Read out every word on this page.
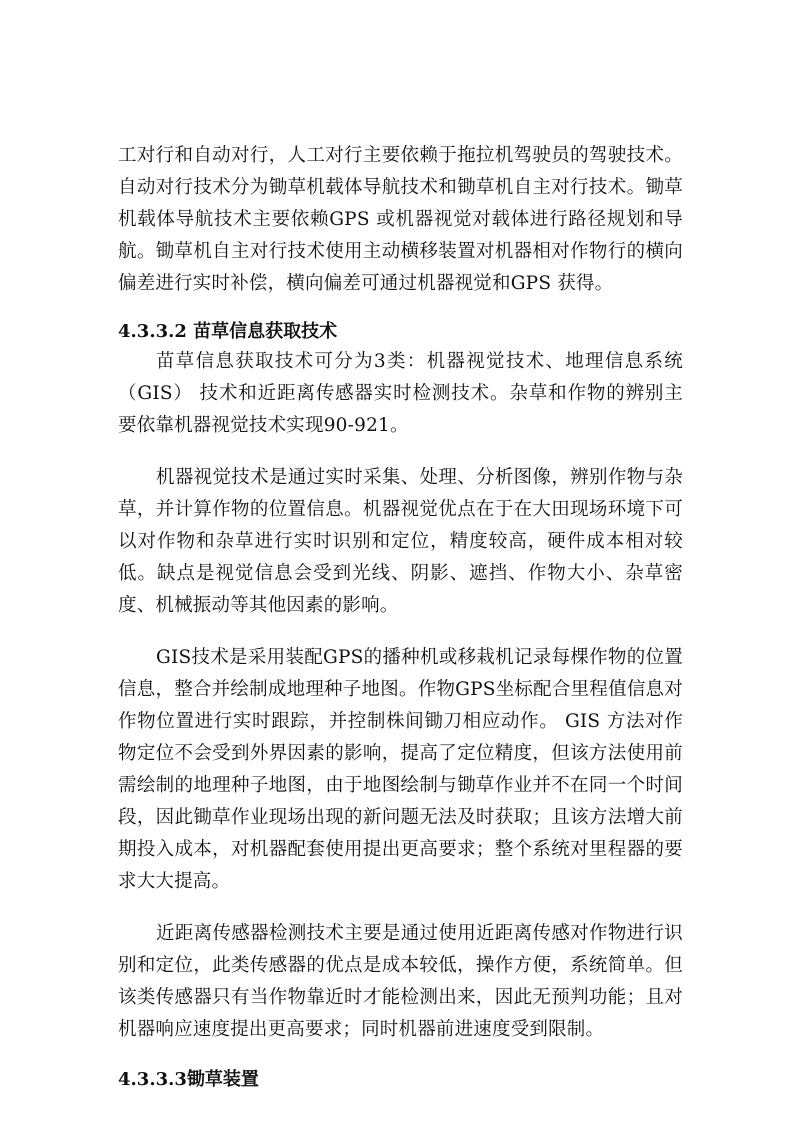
工对行和自动对行，人工对行主要依赖于拖拉机驾驶员的驾驶技术。自动对行技术分为锄草机载体导航技术和锄草机自主对行技术。锄草机载体导航技术主要依赖GPS 或机器视觉对载体进行路径规划和导航。锄草机自主对行技术使用主动横移装置对机器相对作物行的横向偏差进行实时补偿，横向偏差可通过机器视觉和GPS 获得。

4.3.3.2 苗草信息获取技术

苗草信息获取技术可分为3类：机器视觉技术、地理信息系统（GIS） 技术和近距离传感器实时检测技术。杂草和作物的辨别主要依靠机器视觉技术实现90-921。

机器视觉技术是通过实时采集、处理、分析图像，辨别作物与杂草，并计算作物的位置信息。机器视觉优点在于在大田现场环境下可以对作物和杂草进行实时识别和定位，精度较高，硬件成本相对较低。缺点是视觉信息会受到光线、阴影、遮挡、作物大小、杂草密度、机械振动等其他因素的影响。

GIS技术是采用装配GPS的播种机或移栽机记录每棵作物的位置信息，整合并绘制成地理种子地图。作物GPS坐标配合里程值信息对作物位置进行实时跟踪，并控制株间锄刀相应动作。 GIS 方法对作物定位不会受到外界因素的影响，提高了定位精度，但该方法使用前需绘制的地理种子地图，由于地图绘制与锄草作业并不在同一个时间段，因此锄草作业现场出现的新问题无法及时获取；且该方法增大前期投入成本，对机器配套使用提出更高要求；整个系统对里程器的要求大大提高。

近距离传感器检测技术主要是通过使用近距离传感对作物进行识别和定位，此类传感器的优点是成本较低，操作方便，系统简单。但该类传感器只有当作物靠近时才能检测出来，因此无预判功能；且对机器响应速度提出更高要求；同时机器前进速度受到限制。

4.3.3.3锄草装置
